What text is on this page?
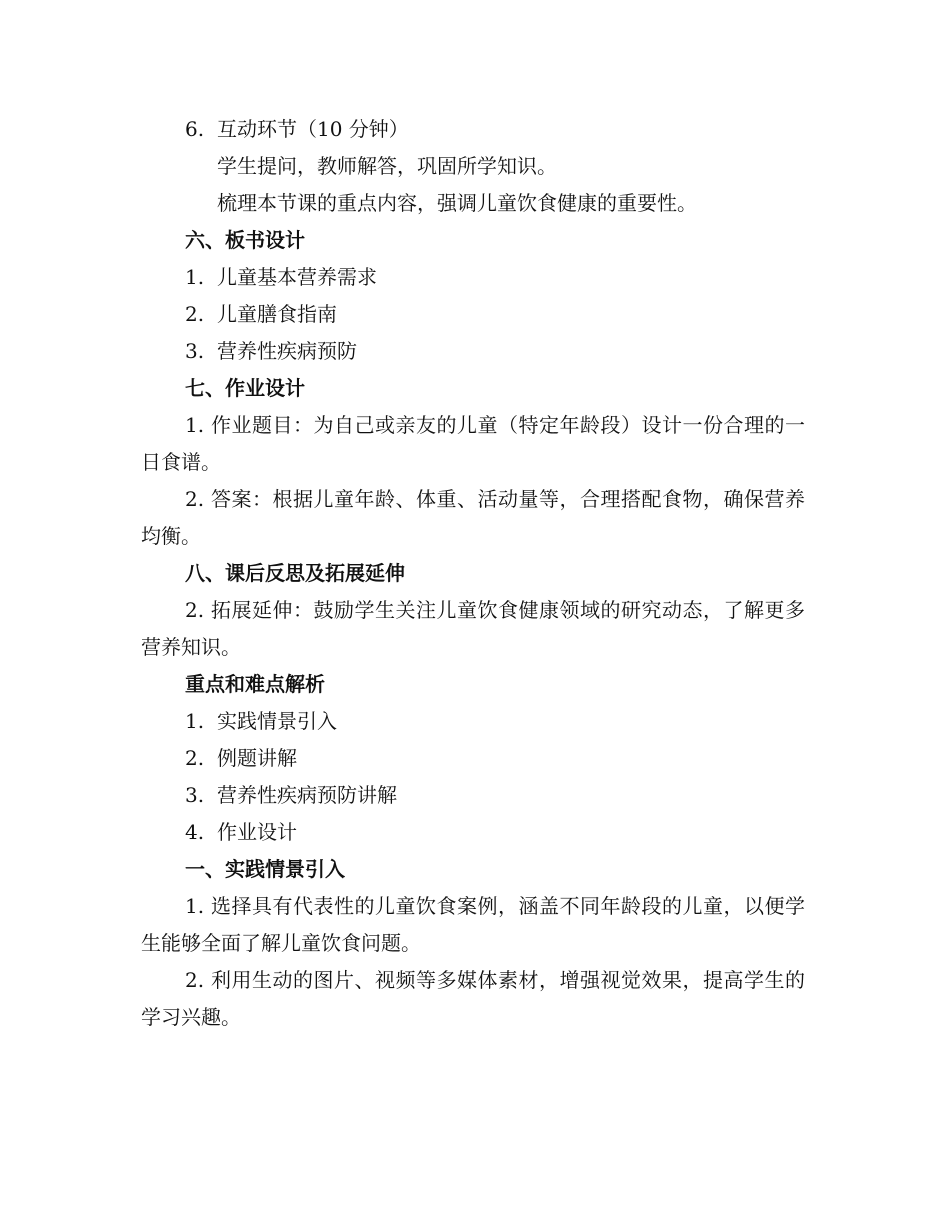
6. 互动环节（10 分钟）

学生提问，教师解答，巩固所学知识。

梳理本节课的重点内容，强调儿童饮食健康的重要性。

六、板书设计

1. 儿童基本营养需求

2. 儿童膳食指南

3. 营养性疾病预防

七、作业设计

1. 作业题目：为自己或亲友的儿童（特定年龄段）设计一份合理的一日食谱。

2. 答案：根据儿童年龄、体重、活动量等，合理搭配食物，确保营养均衡。

八、课后反思及拓展延伸

2. 拓展延伸：鼓励学生关注儿童饮食健康领域的研究动态，了解更多营养知识。

重点和难点解析

1. 实践情景引入

2. 例题讲解

3. 营养性疾病预防讲解

4. 作业设计

一、实践情景引入

1. 选择具有代表性的儿童饮食案例，涵盖不同年龄段的儿童，以便学生能够全面了解儿童饮食问题。

2. 利用生动的图片、视频等多媒体素材，增强视觉效果，提高学生的学习兴趣。
